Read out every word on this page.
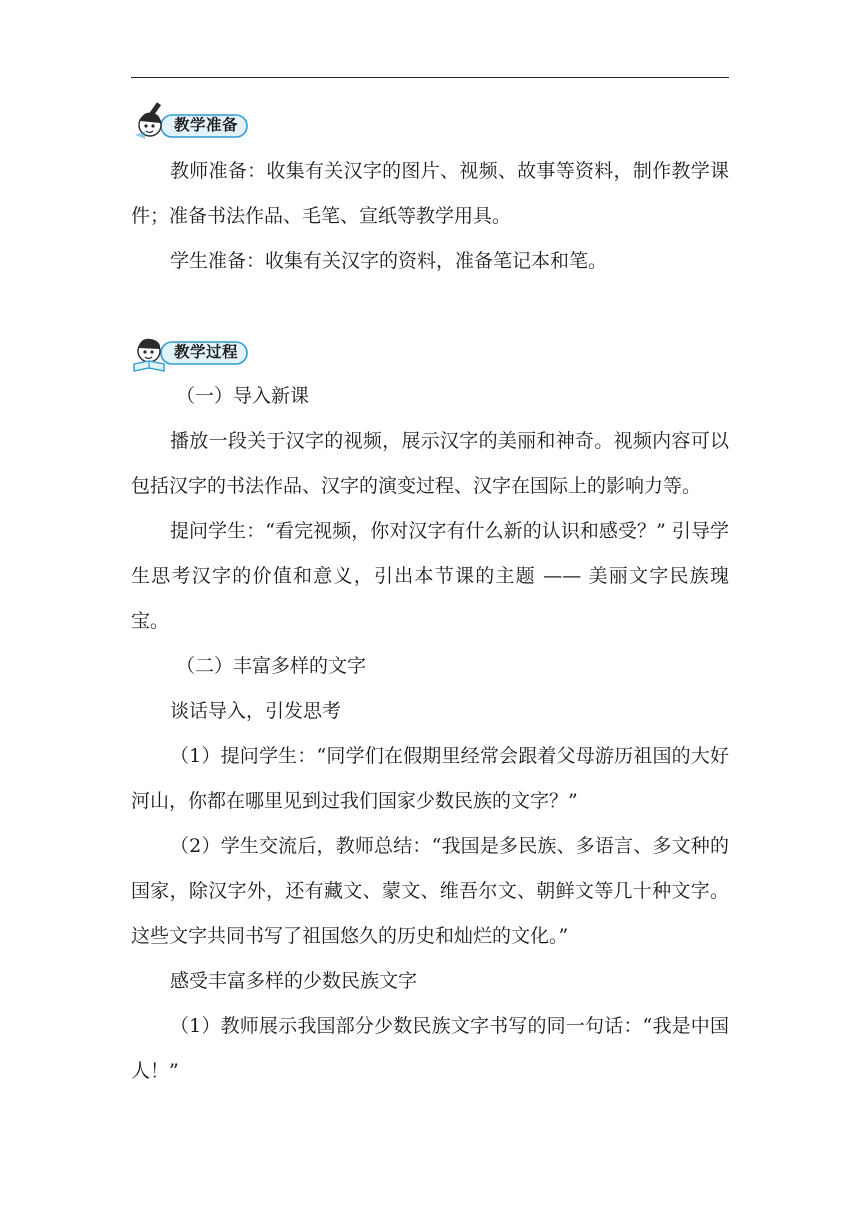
教学准备

教师准备：收集有关汉字的图片、视频、故事等资料，制作教学课件；准备书法作品、毛笔、宣纸等教学用具。

学生准备：收集有关汉字的资料，准备笔记本和笔。

教学过程

（一）导入新课

播放一段关于汉字的视频，展示汉字的美丽和神奇。视频内容可以包括汉字的书法作品、汉字的演变过程、汉字在国际上的影响力等。

提问学生：“看完视频，你对汉字有什么新的认识和感受？” 引导学生思考汉字的价值和意义，引出本节课的主题 —— 美丽文字民族瑰宝。

（二）丰富多样的文字

谈话导入，引发思考

（1）提问学生：“同学们在假期里经常会跟着父母游历祖国的大好河山，你都在哪里见到过我们国家少数民族的文字？”

（2）学生交流后，教师总结：“我国是多民族、多语言、多文种的国家，除汉字外，还有藏文、蒙文、维吾尔文、朝鲜文等几十种文字。这些文字共同书写了祖国悠久的历史和灿烂的文化。”

感受丰富多样的少数民族文字

（1）教师展示我国部分少数民族文字书写的同一句话：“我是中国人！”
